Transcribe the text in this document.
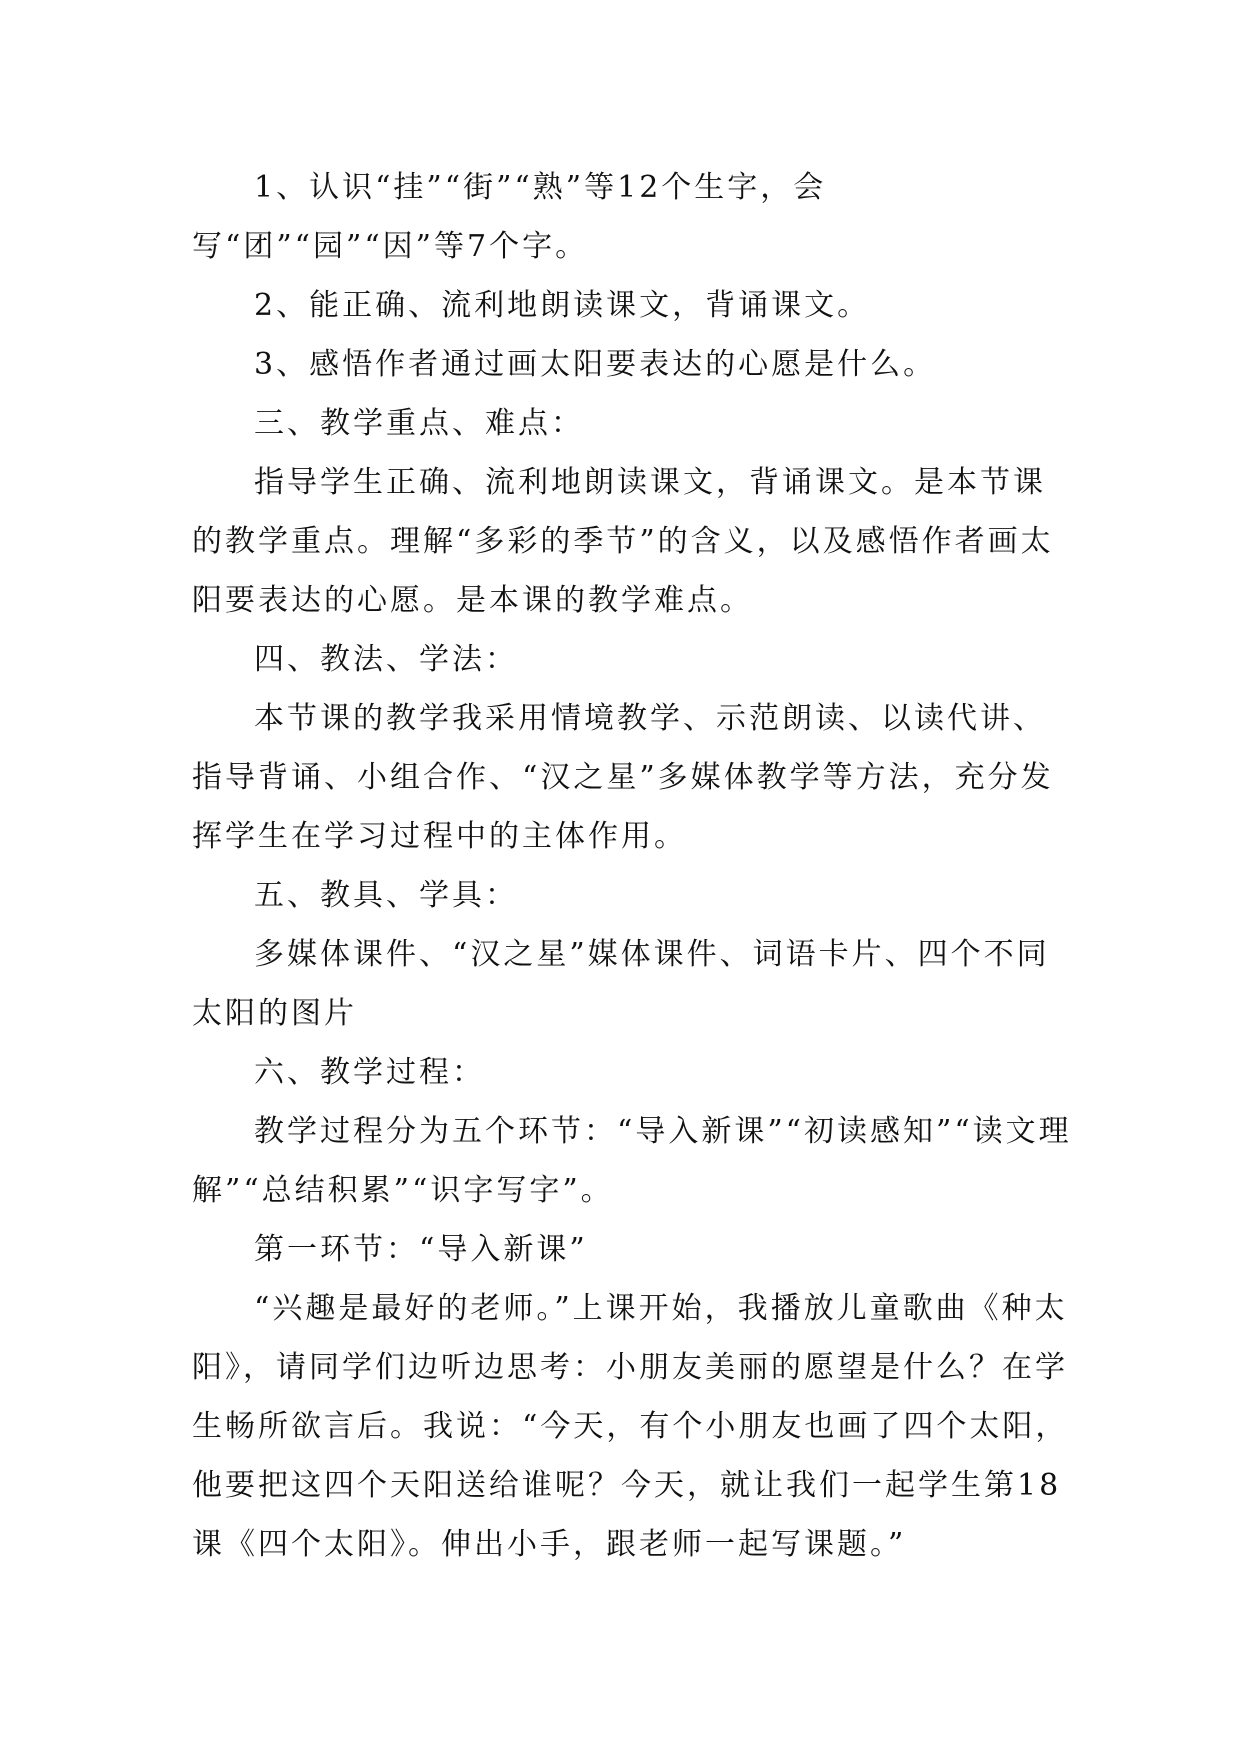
1、认识“挂”“街”“熟”等12个生字，会写“团”“园”“因”等7个字。

2、能正确、流利地朗读课文，背诵课文。

3、感悟作者通过画太阳要表达的心愿是什么。

三、教学重点、难点：

指导学生正确、流利地朗读课文，背诵课文。是本节课的教学重点。理解“多彩的季节”的含义，以及感悟作者画太阳要表达的心愿。是本课的教学难点。

四、教法、学法：

本节课的教学我采用情境教学、示范朗读、以读代讲、指导背诵、小组合作、“汉之星”多媒体教学等方法，充分发挥学生在学习过程中的主体作用。

五、教具、学具：

多媒体课件、“汉之星”媒体课件、词语卡片、四个不同太阳的图片

六、教学过程：

教学过程分为五个环节：“导入新课”“初读感知”“读文理解”“总结积累”“识字写字”。

第一环节：“导入新课”

“兴趣是最好的老师。”上课开始，我播放儿童歌曲《种太阳》，请同学们边听边思考：小朋友美丽的愿望是什么？在学生畅所欲言后。我说：“今天，有个小朋友也画了四个太阳，他要把这四个天阳送给谁呢？今天，就让我们一起学生第18课《四个太阳》。伸出小手，跟老师一起写课题。”
